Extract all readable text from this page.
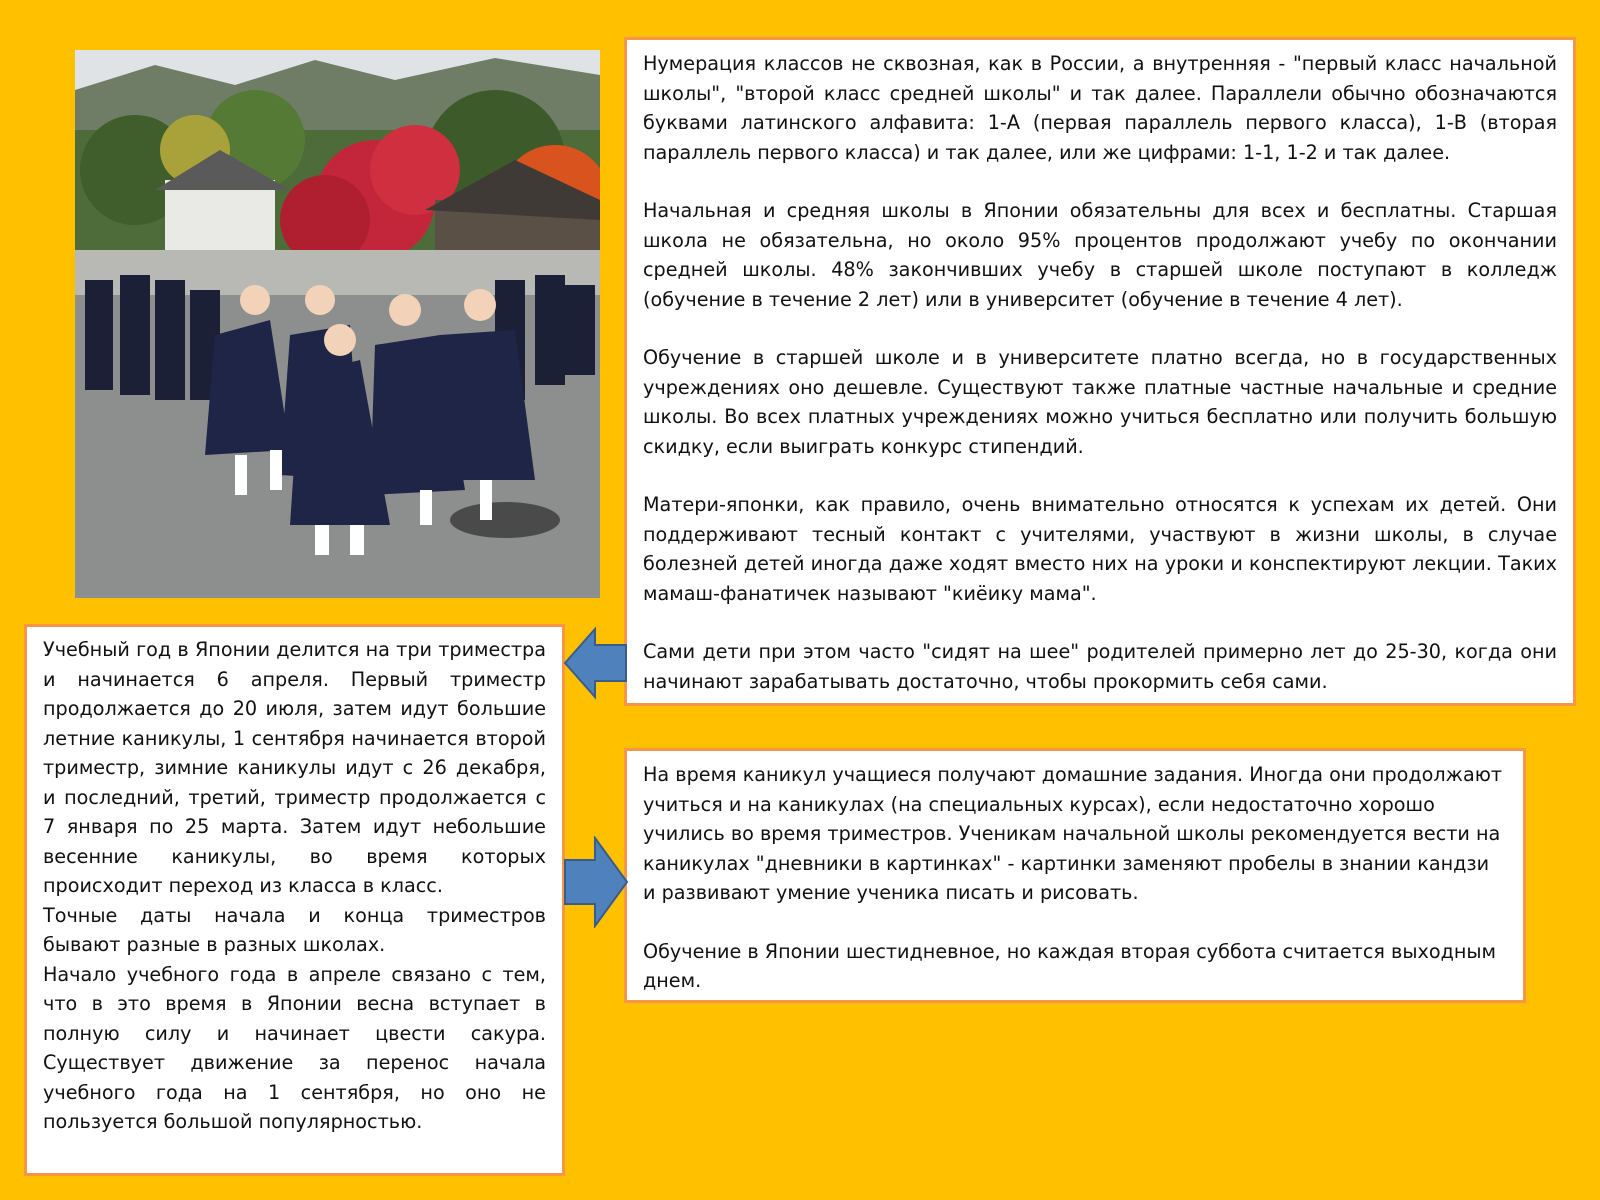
Нумерация классов не сквозная, как в России, а внутренняя - "первый класс начальной школы", "второй класс средней школы" и так далее. Параллели обычно обозначаются буквами латинского алфавита: 1-А (первая параллель первого класса), 1-В (вторая параллель первого класса) и так далее, или же цифрами: 1-1, 1-2 и так далее.

Начальная и средняя школы в Японии обязательны для всех и бесплатны. Старшая школа не обязательна, но около 95% процентов продолжают учебу по окончании средней школы. 48% закончивших учебу в старшей школе поступают в колледж (обучение в течение 2 лет) или в университет (обучение в течение 4 лет).

Обучение в старшей школе и в университете платно всегда, но в государственных учреждениях оно дешевле. Существуют также платные частные начальные и средние школы. Во всех платных учреждениях можно учиться бесплатно или получить большую скидку, если выиграть конкурс стипендий.

Матери-японки, как правило, очень внимательно относятся к успехам их детей. Они поддерживают тесный контакт с учителями, участвуют в жизни школы, в случае болезней детей иногда даже ходят вместо них на уроки и конспектируют лекции. Таких мамаш-фанатичек называют "киёику мама".

Сами дети при этом часто "сидят на шее" родителей примерно лет до 25-30, когда они начинают зарабатывать достаточно, чтобы прокормить себя сами.

Учебный год в Японии делится на три триместра и начинается 6 апреля. Первый триместр продолжается до 20 июля, затем идут большие летние каникулы, 1 сентября начинается второй триместр, зимние каникулы идут с 26 декабря, и последний, третий, триместр продолжается с 7 января по 25 марта. Затем идут небольшие весенние каникулы, во время которых происходит переход из класса в класс.

Точные даты начала и конца триместров бывают разные в разных школах.

Начало учебного года в апреле связано с тем, что в это время в Японии весна вступает в полную силу и начинает цвести сакура. Существует движение за перенос начала учебного года на 1 сентября, но оно не пользуется большой популярностью.

На время каникул учащиеся получают домашние задания. Иногда они продолжают учиться и на каникулах (на специальных курсах), если недостаточно хорошо учились во время триместров. Ученикам начальной школы рекомендуется вести на каникулах "дневники в картинках" - картинки заменяют пробелы в знании кандзи и развивают умение ученика писать и рисовать.

Обучение в Японии шестидневное, но каждая вторая суббота считается выходным днем.
